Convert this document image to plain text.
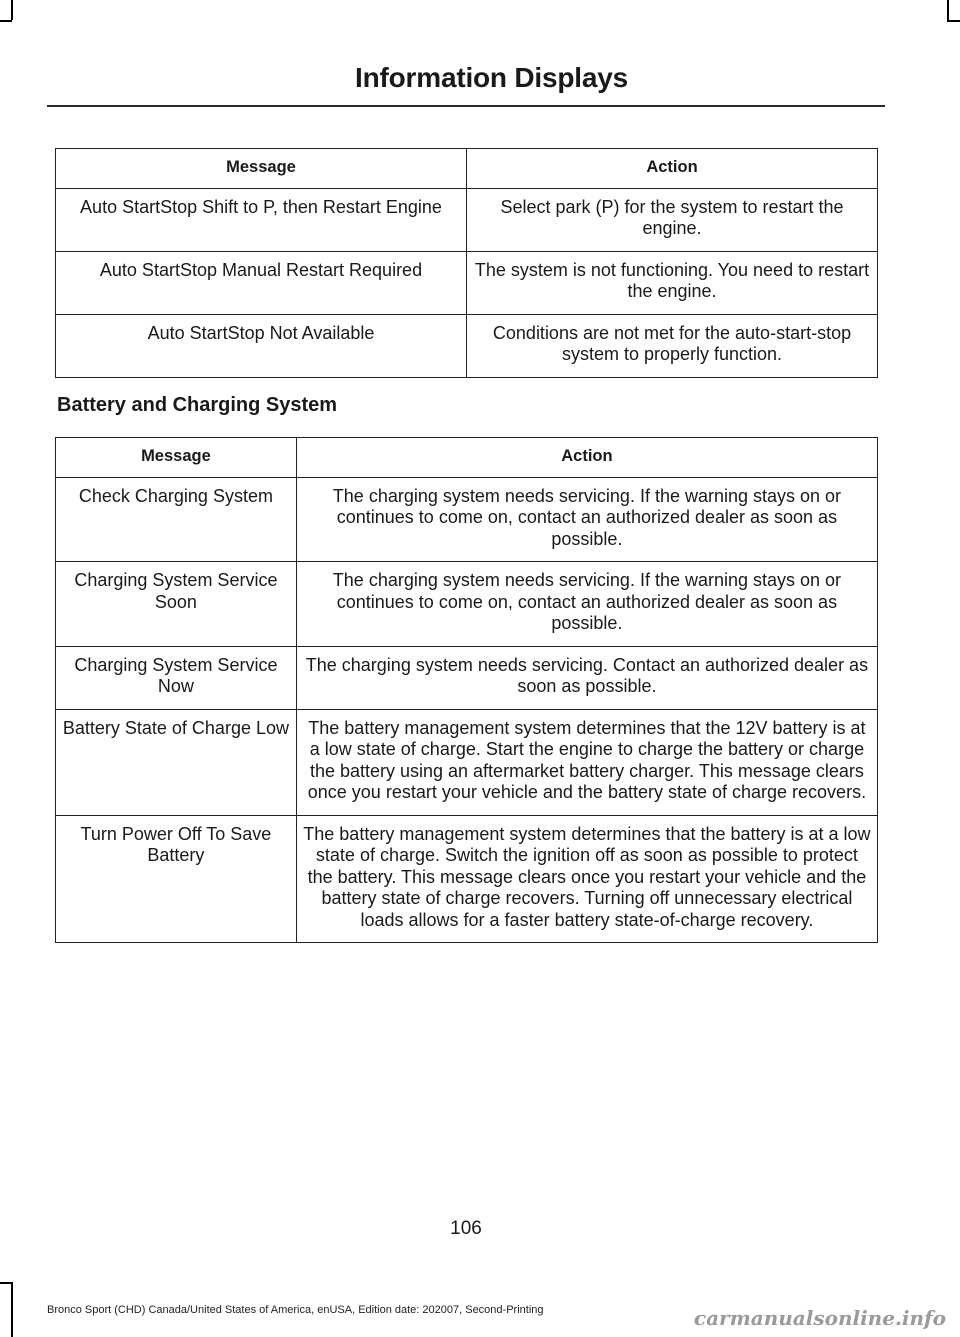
Information Displays
Message	Action
Auto StartStop Shift to P, then Restart Engine	Select park (P) for the system to restart the engine.
Auto StartStop Manual Restart Required	The system is not functioning. You need to restart the engine.
Auto StartStop Not Available	Conditions are not met for the auto-start-stop system to properly function.
Battery and Charging System
Message	Action
Check Charging System	The charging system needs servicing. If the warning stays on or continues to come on, contact an authorized dealer as soon as possible.
Charging System Service Soon	The charging system needs servicing. If the warning stays on or continues to come on, contact an authorized dealer as soon as possible.
Charging System Service Now	The charging system needs servicing. Contact an authorized dealer as soon as possible.
Battery State of Charge Low	The battery management system determines that the 12V battery is at a low state of charge. Start the engine to charge the battery or charge the battery using an aftermarket battery charger. This message clears once you restart your vehicle and the battery state of charge recovers.
Turn Power Off To Save Battery	The battery management system determines that the battery is at a low state of charge. Switch the ignition off as soon as possible to protect the battery. This message clears once you restart your vehicle and the battery state of charge recovers. Turning off unnecessary electrical loads allows for a faster battery state-of-charge recovery.
106
Bronco Sport (CHD) Canada/United States of America, enUSA, Edition date: 202007, Second-Printing	carmanualsonline.info
